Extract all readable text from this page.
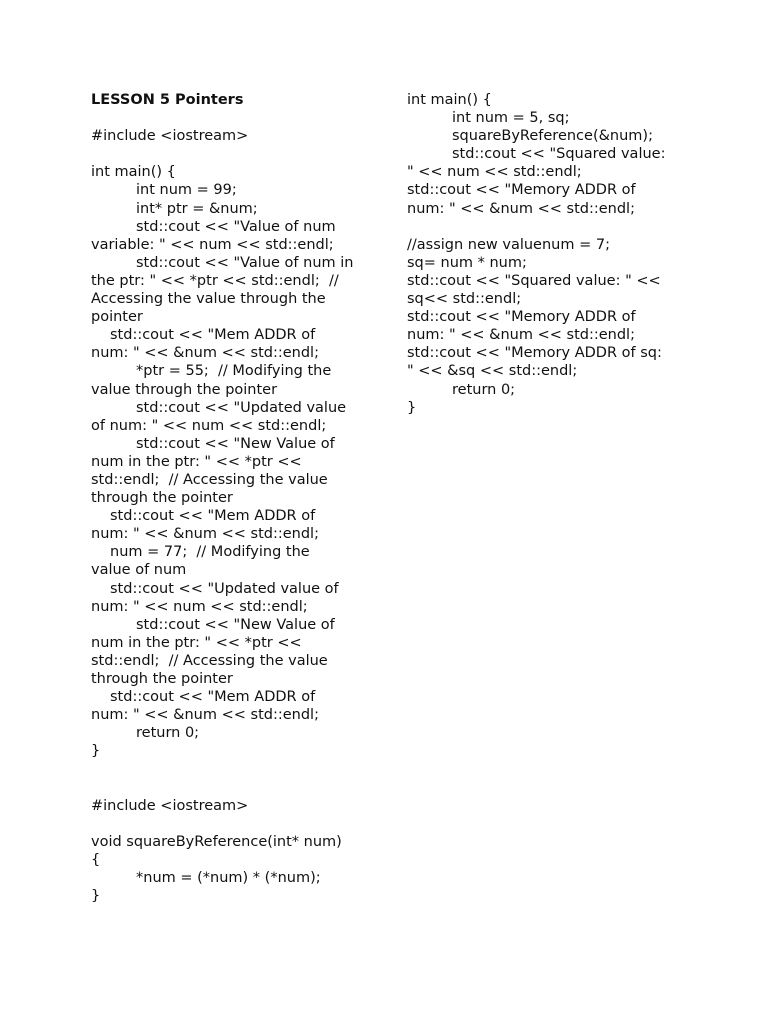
LESSON 5 Pointers
#include <iostream>
int main() {
int num = 99;
int* ptr = &num;
std::cout << "Value of num
variable: " << num << std::endl;
std::cout << "Value of num in
the ptr: " << *ptr << std::endl;  //
Accessing the value through the
pointer
std::cout << "Mem ADDR of
num: " << &num << std::endl;
*ptr = 55;  // Modifying the
value through the pointer
std::cout << "Updated value
of num: " << num << std::endl;
std::cout << "New Value of
num in the ptr: " << *ptr <<
std::endl;  // Accessing the value
through the pointer
std::cout << "Mem ADDR of
num: " << &num << std::endl;
num = 77;  // Modifying the
value of num
std::cout << "Updated value of
num: " << num << std::endl;
std::cout << "New Value of
num in the ptr: " << *ptr <<
std::endl;  // Accessing the value
through the pointer
std::cout << "Mem ADDR of
num: " << &num << std::endl;
return 0;
}
#include <iostream>
void squareByReference(int* num)
{
*num = (*num) * (*num);
}
int main() {
int num = 5, sq;
squareByReference(&num);
std::cout << "Squared value:
" << num << std::endl;
std::cout << "Memory ADDR of
num: " << &num << std::endl;
//assign new valuenum = 7;
sq= num * num;
std::cout << "Squared value: " <<
sq<< std::endl;
std::cout << "Memory ADDR of
num: " << &num << std::endl;
std::cout << "Memory ADDR of sq:
" << &sq << std::endl;
return 0;
}
